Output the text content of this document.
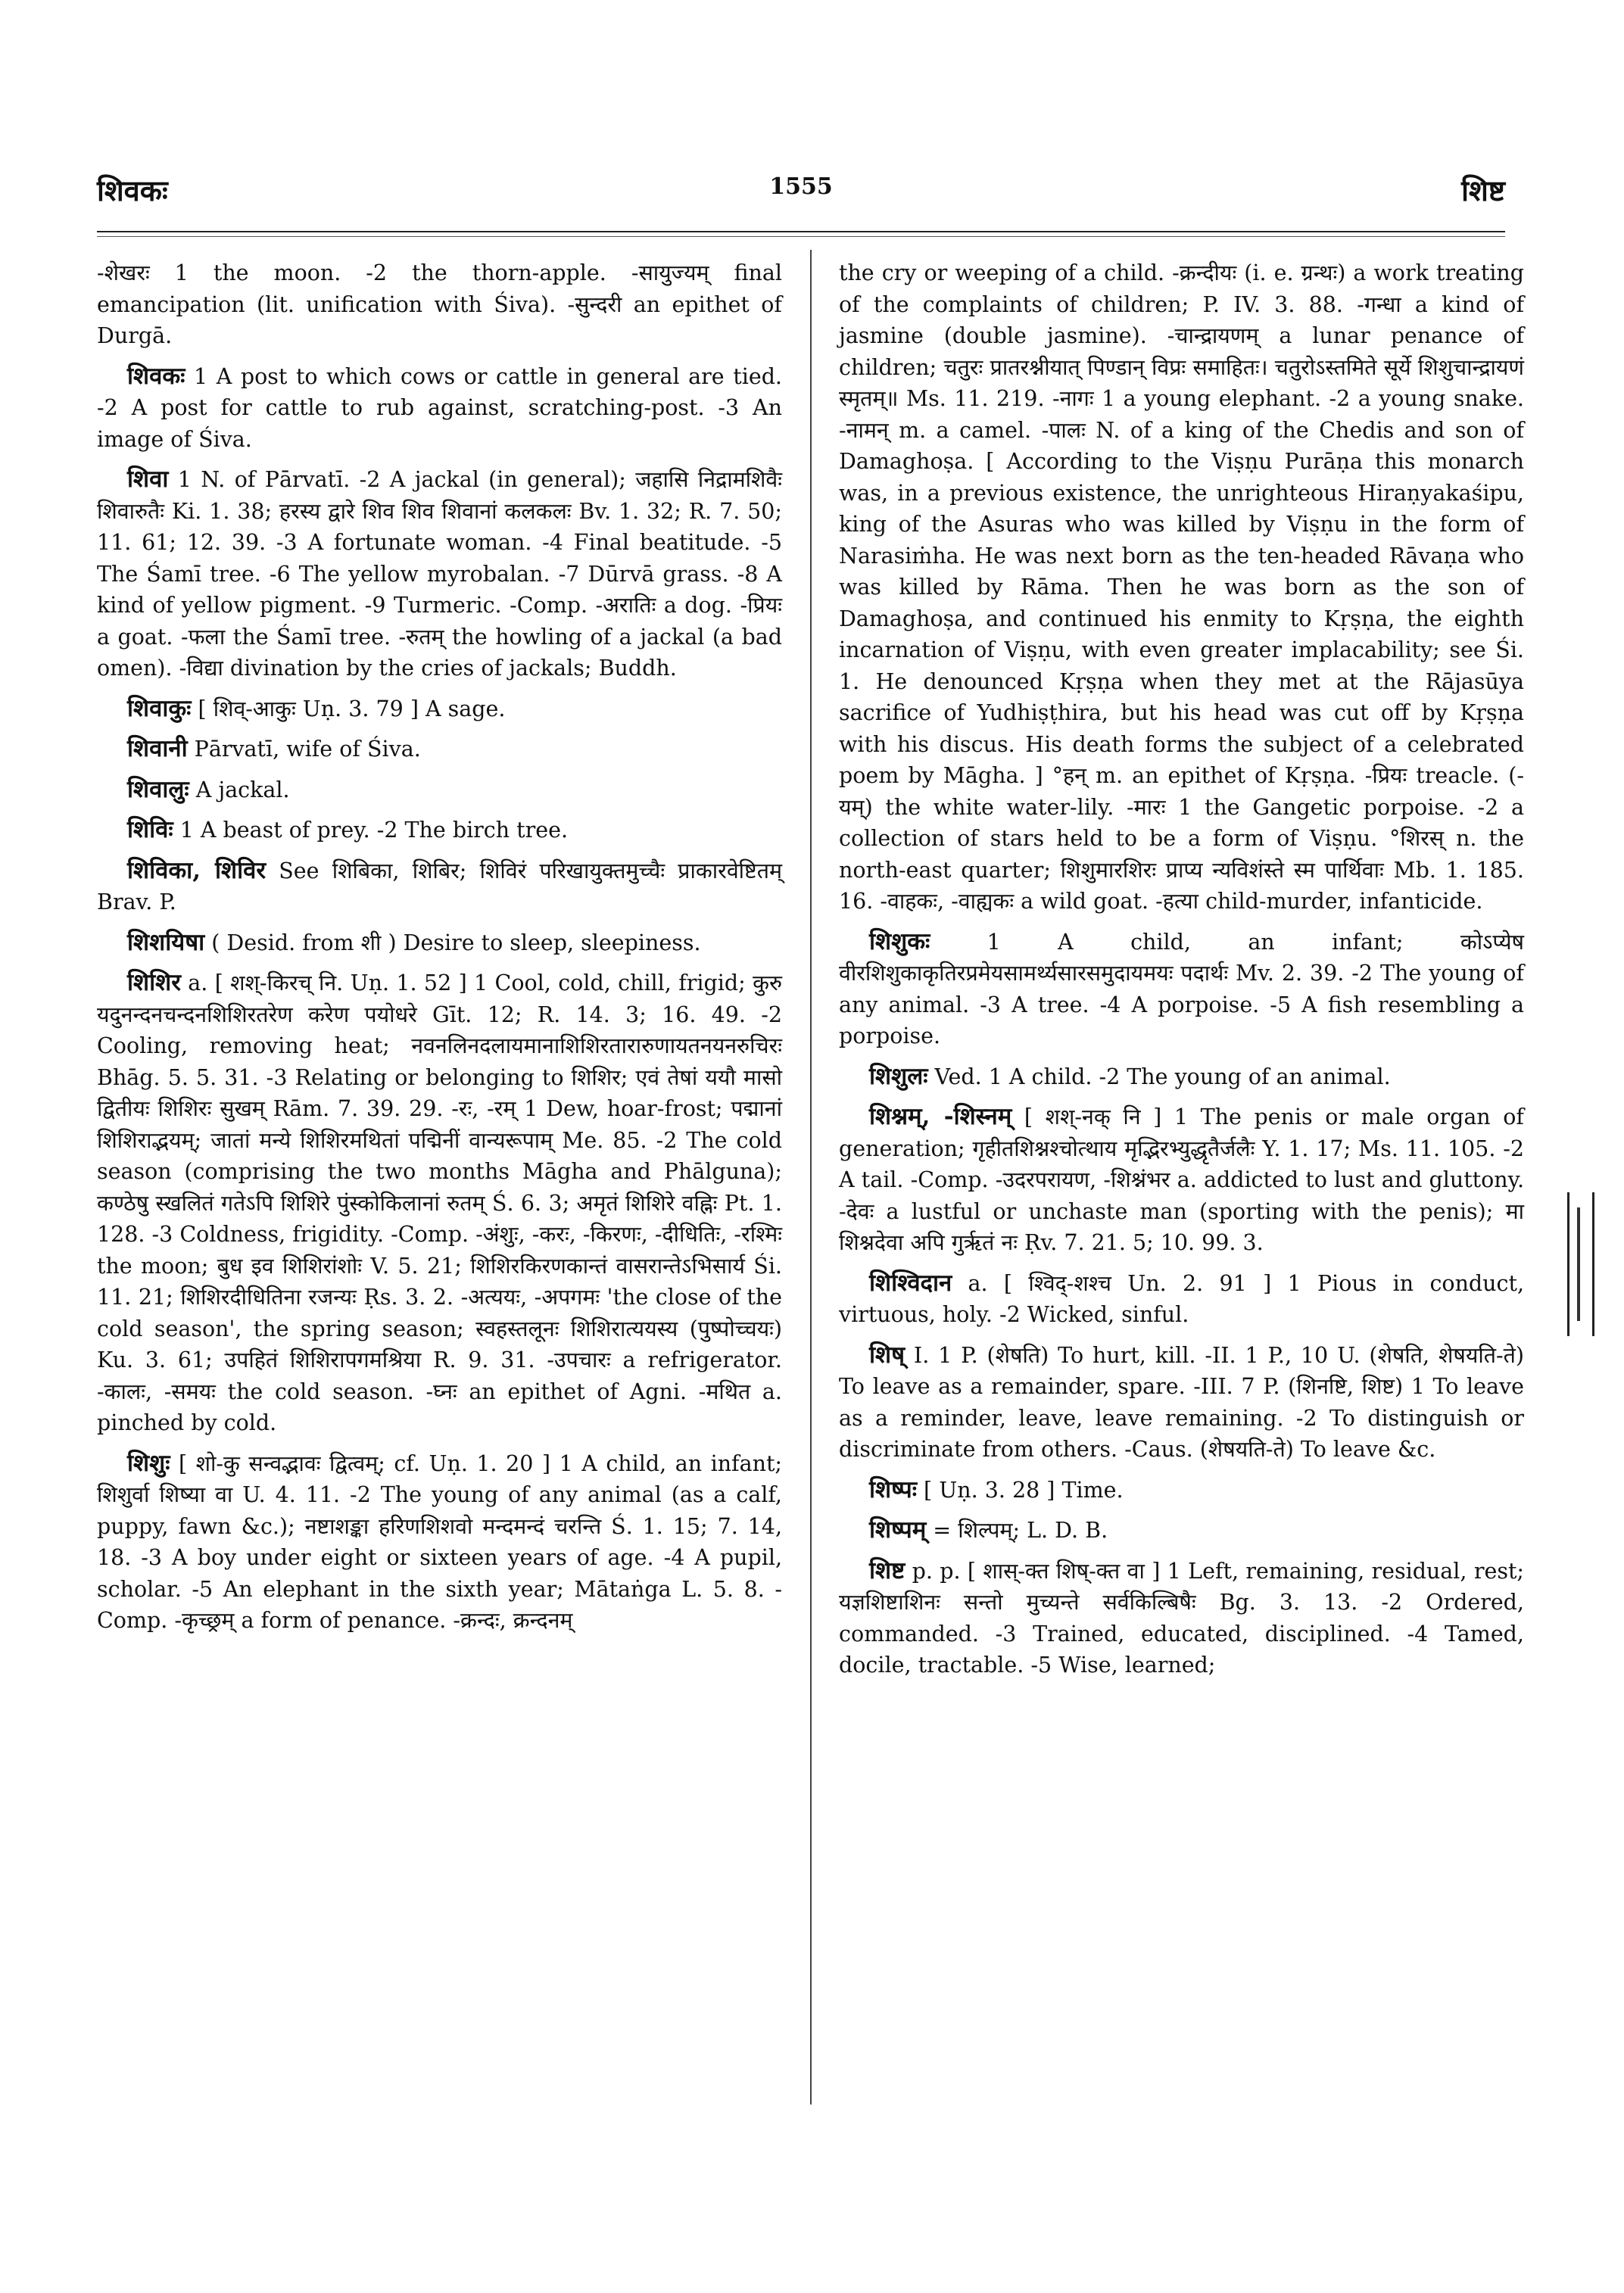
शिवकः	1555	शिष्ट

-शेखरः 1 the moon. -2 the thorn-apple. -सायुज्यम् final emancipation (lit. unification with Śiva). -सुन्दरी an epithet of Durgā.

शिवकः 1 A post to which cows or cattle in general are tied. -2 A post for cattle to rub against, scratching-post. -3 An image of Śiva.

शिवा 1 N. of Pārvatī. -2 A jackal (in general); जहासि निद्रामशिवैः शिवारुतैः Ki. 1. 38; हरस्य द्वारे शिव शिव शिवानां कलकलः Bv. 1. 32; R. 7. 50; 11. 61; 12. 39. -3 A fortunate woman. -4 Final beatitude. -5 The Śamī tree. -6 The yellow myrobalan. -7 Dūrvā grass. -8 A kind of yellow pigment. -9 Turmeric. -Comp. -अरातिः a dog. -प्रियः a goat. -फला the Śamī tree. -रुतम् the howling of a jackal (a bad omen). -विद्या divination by the cries of jackals; Buddh.

शिवाकुः [ शिव्-आकुः Uṇ. 3. 79 ] A sage.

शिवानी Pārvatī, wife of Śiva.

शिवालुः A jackal.

शिविः 1 A beast of prey. -2 The birch tree.

शिविका, शिविर See शिबिका, शिबिर; शिविरं परिखायुक्तमुच्चैः प्राकारवेष्टितम् Brav. P.

शिशयिषा ( Desid. from शी ) Desire to sleep, sleepiness.

शिशिर a. [ शश्-किरच् नि. Uṇ. 1. 52 ] 1 Cool, cold, chill, frigid; कुरु यदुनन्दनचन्दनशिशिरतरेण करेण पयोधरे Gīt. 12; R. 14. 3; 16. 49. -2 Cooling, removing heat; नवनलिनदलायमानाशिशिरतारारुणायतनयनरुचिरः Bhāg. 5. 5. 31. -3 Relating or belonging to शिशिर; एवं तेषां ययौ मासो द्वितीयः शिशिरः सुखम् Rām. 7. 39. 29. -रः, -रम् 1 Dew, hoar-frost; पद्मानां शिशिराद्भयम्; जातां मन्ये शिशिरमथितां पद्मिनीं वान्यरूपाम् Me. 85. -2 The cold season (comprising the two months Māgha and Phālguna); कण्ठेषु स्खलितं गतेऽपि शिशिरे पुंस्कोकिलानां रुतम् Ś. 6. 3; अमृतं शिशिरे वह्निः Pt. 1. 128. -3 Coldness, frigidity. -Comp. -अंशुः, -करः, -किरणः, -दीधितिः, -रश्मिः the moon; बुध इव शिशिरांशोः V. 5. 21; शिशिरकिरणकान्तं वासरान्तेऽभिसार्य Śi. 11. 21; शिशिरदीधितिना रजन्यः Ṛs. 3. 2. -अत्ययः, -अपगमः 'the close of the cold season', the spring season; स्वहस्तलूनः शिशिरात्ययस्य (पुष्पोच्चयः) Ku. 3. 61; उपहितं शिशिरापगमश्रिया R. 9. 31. -उपचारः a refrigerator. -कालः, -समयः the cold season. -घ्नः an epithet of Agni. -मथित a. pinched by cold.

शिशुः [ शो-कु सन्वद्भावः द्वित्वम्; cf. Uṇ. 1. 20 ] 1 A child, an infant; शिशुर्वा शिष्या वा U. 4. 11. -2 The young of any animal (as a calf, puppy, fawn &c.); नष्टाशङ्का हरिणशिशवो मन्दमन्दं चरन्ति Ś. 1. 15; 7. 14, 18. -3 A boy under eight or sixteen years of age. -4 A pupil, scholar. -5 An elephant in the sixth year; Mātaṅga L. 5. 8. -Comp. -कृच्छ्रम् a form of penance. -क्रन्दः, क्रन्दनम्

the cry or weeping of a child. -क्रन्दीयः (i. e. ग्रन्थः) a work treating of the complaints of children; P. IV. 3. 88. -गन्धा a kind of jasmine (double jasmine). -चान्द्रायणम् a lunar penance of children; चतुरः प्रातरश्नीयात् पिण्डान् विप्रः समाहितः। चतुरोऽस्तमिते सूर्ये शिशुचान्द्रायणं स्मृतम्॥ Ms. 11. 219. -नागः 1 a young elephant. -2 a young snake. -नामन् m. a camel. -पालः N. of a king of the Chedis and son of Damaghoṣa. [ According to the Viṣṇu Purāṇa this monarch was, in a previous existence, the unrighteous Hiraṇyakaśipu, king of the Asuras who was killed by Viṣṇu in the form of Narasiṁha. He was next born as the ten-headed Rāvaṇa who was killed by Rāma. Then he was born as the son of Damaghoṣa, and continued his enmity to Kṛṣṇa, the eighth incarnation of Viṣṇu, with even greater implacability; see Śi. 1. He denounced Kṛṣṇa when they met at the Rājasūya sacrifice of Yudhiṣṭhira, but his head was cut off by Kṛṣṇa with his discus. His death forms the subject of a celebrated poem by Māgha. ] °हन् m. an epithet of Kṛṣṇa. -प्रियः treacle. (-यम्) the white water-lily. -मारः 1 the Gangetic porpoise. -2 a collection of stars held to be a form of Viṣṇu. °शिरस् n. the north-east quarter; शिशुमारशिरः प्राप्य न्यविशंस्ते स्म पार्थिवाः Mb. 1. 185. 16. -वाहकः, -वाह्यकः a wild goat. -हत्या child-murder, infanticide.

शिशुकः 1 A child, an infant; कोऽप्येष वीरशिशुकाकृतिरप्रमेयसामर्थ्यसारसमुदायमयः पदार्थः Mv. 2. 39. -2 The young of any animal. -3 A tree. -4 A porpoise. -5 A fish resembling a porpoise.

शिशुलः Ved. 1 A child. -2 The young of an animal.

शिश्नम्, -शिस्नम् [ शश्-नक् नि ] 1 The penis or male organ of generation; गृहीतशिश्नश्चोत्थाय मृद्भिरभ्युद्धृतैर्जलैः Y. 1. 17; Ms. 11. 105. -2 A tail. -Comp. -उदरपरायण, -शिश्नंभर a. addicted to lust and gluttony. -देवः a lustful or unchaste man (sporting with the penis); मा शिश्नदेवा अपि गुर्ऋतं नः Ṛv. 7. 21. 5; 10. 99. 3.

शिश्विदान a. [ श्विद्-शश्च Un. 2. 91 ] 1 Pious in conduct, virtuous, holy. -2 Wicked, sinful.

शिष् I. 1 P. (शेषति) To hurt, kill. -II. 1 P., 10 U. (शेषति, शेषयति-ते) To leave as a remainder, spare. -III. 7 P. (शिनष्टि, शिष्ट) 1 To leave as a reminder, leave, leave remaining. -2 To distinguish or discriminate from others. -Caus. (शेषयति-ते) To leave &c.

शिष्पः [ Uṇ. 3. 28 ] Time.

शिष्पम् = शिल्पम्; L. D. B.

शिष्ट p. p. [ शास्-क्त शिष्-क्त वा ] 1 Left, remaining, residual, rest; यज्ञशिष्टाशिनः सन्तो मुच्यन्ते सर्वकिल्बिषैः Bg. 3. 13. -2 Ordered, commanded. -3 Trained, educated, disciplined. -4 Tamed, docile, tractable. -5 Wise, learned;
